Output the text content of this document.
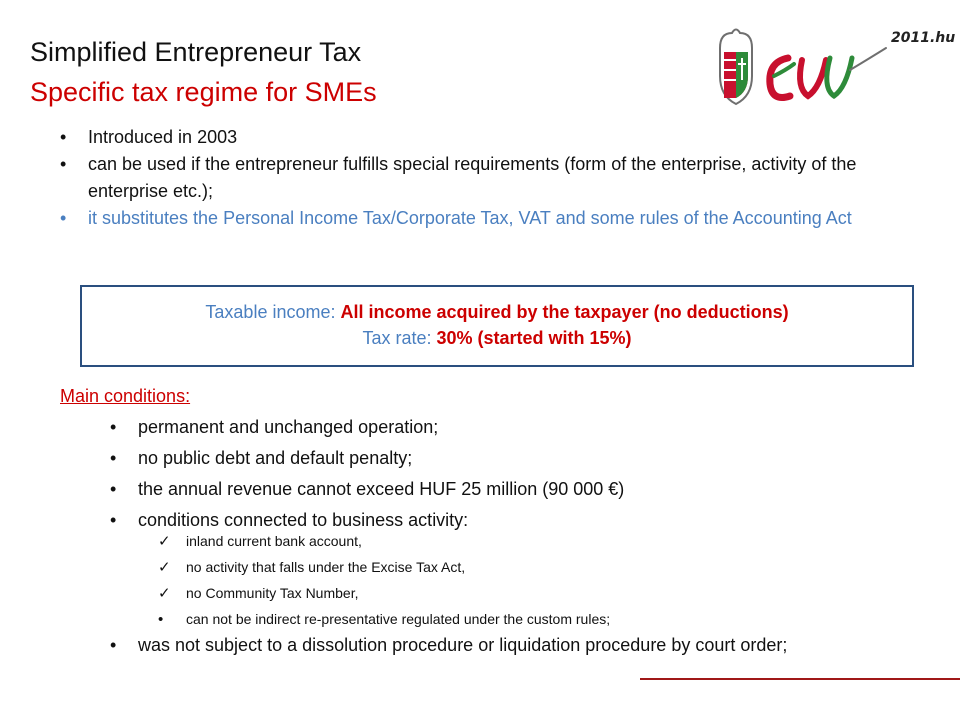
Simplified Entrepreneur Tax
Specific tax regime for SMEs
2011.hu
• Introduced in 2003
• can be used if the entrepreneur fulfills special requirements (form of the enterprise, activity of the enterprise etc.);
• it substitutes the Personal Income Tax/Corporate Tax, VAT and some rules of the Accounting Act
Taxable income: All income acquired by the taxpayer (no deductions)
Tax rate: 30% (started with 15%)
Main conditions:
• permanent and unchanged operation;
• no public debt and default penalty;
• the annual revenue cannot exceed HUF 25 million (90 000 €)
• conditions connected to business activity:
✓ inland current bank account,
✓ no activity that falls under the Excise Tax Act,
✓ no Community Tax Number,
• can not be indirect re-presentative regulated under the custom rules;
• was not subject to a dissolution procedure or liquidation procedure by court order;
